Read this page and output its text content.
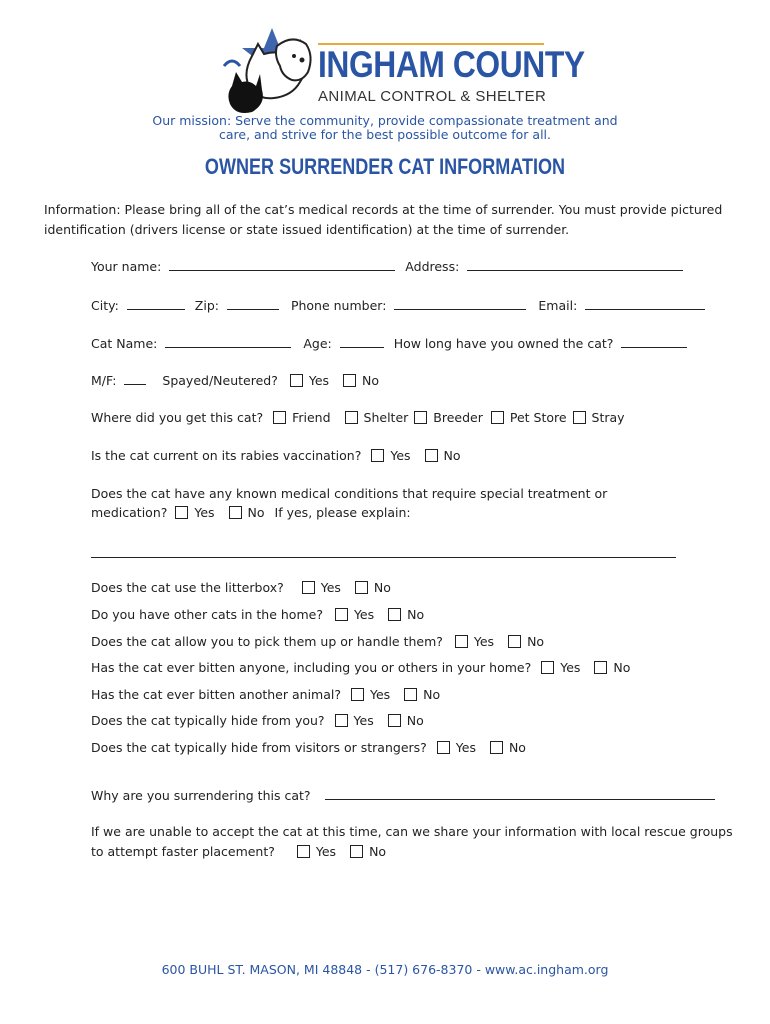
INGHAM COUNTY
ANIMAL CONTROL & SHELTER
Our mission: Serve the community, provide compassionate treatment and
care, and strive for the best possible outcome for all.
OWNER SURRENDER CAT INFORMATION
Information: Please bring all of the cat’s medical records at the time of surrender. You must provide pictured
identification (drivers license or state issued identification) at the time of surrender.
Your name:	Address:
City:	Zip:	Phone number:	Email:
Cat Name:	Age:	How long have you owned the cat?
M/F:	Spayed/Neutered? Yes	No
Where did you get this cat? Friend	Shelter Breeder Pet Store Stray
Is the cat current on its rabies vaccination? Yes	No
Does the cat have any known medical conditions that require special treatment or
medication? Yes	No If yes, please explain:
Does the cat use the litterbox?	Yes	No
Do you have other cats in the home? Yes	No
Does the cat allow you to pick them up or handle them? Yes	No
Has the cat ever bitten anyone, including you or others in your home? Yes	No
Has the cat ever bitten another animal? Yes	No
Does the cat typically hide from you? Yes	No
Does the cat typically hide from visitors or strangers? Yes	No
Why are you surrendering this cat?
If we are unable to accept the cat at this time, can we share your information with local rescue groups
to attempt faster placement?	Yes	No
600 BUHL ST. MASON, MI 48848 - (517) 676-8370 - www.ac.ingham.org
